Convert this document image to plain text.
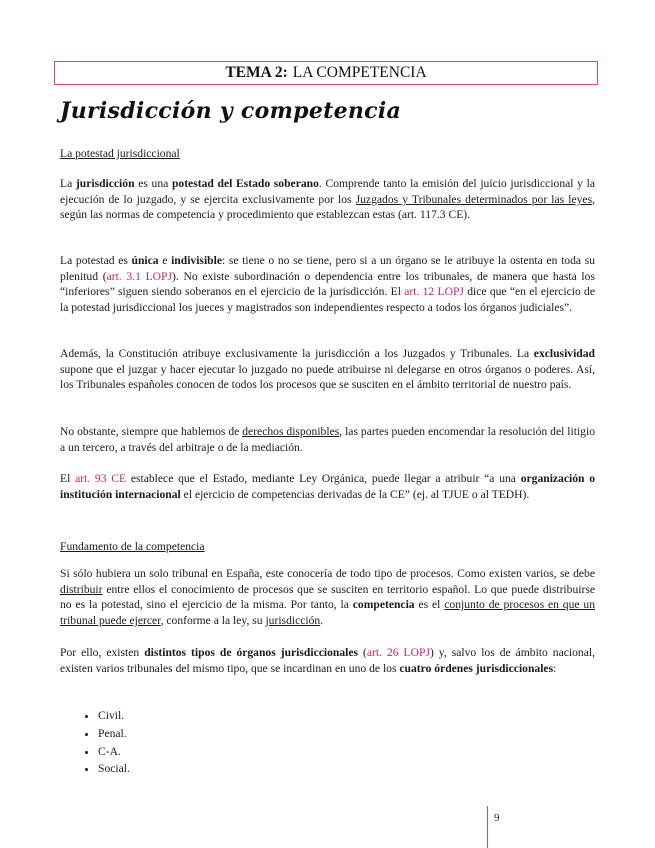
TEMA 2: LA COMPETENCIA
Jurisdicción y competencia
La potestad jurisdiccional

La jurisdicción es una potestad del Estado soberano. Comprende tanto la emisión del juicio jurisdiccional y la ejecución de lo juzgado, y se ejercita exclusivamente por los Juzgados y Tribunales determinados por las leyes, según las normas de competencia y procedimiento que establezcan estas (art. 117.3 CE).

La potestad es única e indivisible: se tiene o no se tiene, pero si a un órgano se le atribuye la ostenta en toda su plenitud (art. 3.1 LOPJ). No existe subordinación o dependencia entre los tribunales, de manera que hasta los “inferiores” siguen siendo soberanos en el ejercicio de la jurisdicción. El art. 12 LOPJ dice que “en el ejercicio de la potestad jurisdiccional los jueces y magistrados son independientes respecto a todos los órganos judiciales”.

Además, la Constitución atribuye exclusivamente la jurisdicción a los Juzgados y Tribunales. La exclusividad supone que el juzgar y hacer ejecutar lo juzgado no puede atribuirse ni delegarse en otros órganos o poderes. Así, los Tribunales españoles conocen de todos los procesos que se susciten en el ámbito territorial de nuestro país.

No obstante, siempre que hablemos de derechos disponibles, las partes pueden encomendar la resolución del litigio a un tercero, a través del arbitraje o de la mediación.

El art. 93 CE establece que el Estado, mediante Ley Orgánica, puede llegar a atribuir “a una organización o institución internacional el ejercicio de competencias derivadas de la CE” (ej. al TJUE o al TEDH).

Fundamento de la competencia

Si sólo hubiera un solo tribunal en España, este conocería de todo tipo de procesos. Como existen varios, se debe distribuir entre ellos el conocimiento de procesos que se susciten en territorio español. Lo que puede distribuirse no es la potestad, sino el ejercicio de la misma. Por tanto, la competencia es el conjunto de procesos en que un tribunal puede ejercer, conforme a la ley, su jurisdicción.

Por ello, existen distintos tipos de órganos jurisdiccionales (art. 26 LOPJ) y, salvo los de ámbito nacional, existen varios tribunales del mismo tipo, que se incardinan en uno de los cuatro órdenes jurisdiccionales:

• Civil.
• Penal.
• C-A.
• Social.
9
